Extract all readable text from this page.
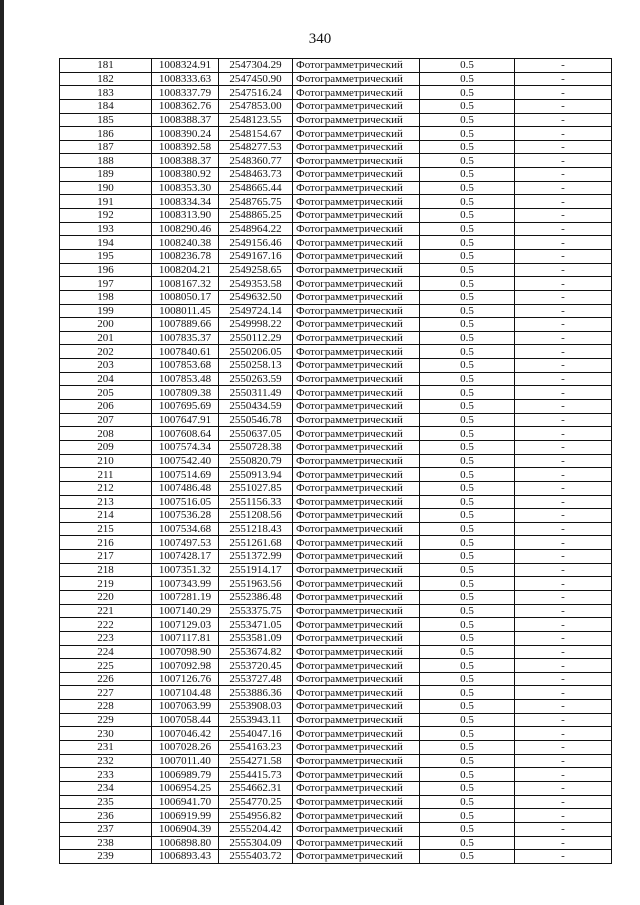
340
181	1008324.91	2547304.29	Фотограмметрический	0.5	-
182	1008333.63	2547450.90	Фотограмметрический	0.5	-
183	1008337.79	2547516.24	Фотограмметрический	0.5	-
184	1008362.76	2547853.00	Фотограмметрический	0.5	-
185	1008388.37	2548123.55	Фотограмметрический	0.5	-
186	1008390.24	2548154.67	Фотограмметрический	0.5	-
187	1008392.58	2548277.53	Фотограмметрический	0.5	-
188	1008388.37	2548360.77	Фотограмметрический	0.5	-
189	1008380.92	2548463.73	Фотограмметрический	0.5	-
190	1008353.30	2548665.44	Фотограмметрический	0.5	-
191	1008334.34	2548765.75	Фотограмметрический	0.5	-
192	1008313.90	2548865.25	Фотограмметрический	0.5	-
193	1008290.46	2548964.22	Фотограмметрический	0.5	-
194	1008240.38	2549156.46	Фотограмметрический	0.5	-
195	1008236.78	2549167.16	Фотограмметрический	0.5	-
196	1008204.21	2549258.65	Фотограмметрический	0.5	-
197	1008167.32	2549353.58	Фотограмметрический	0.5	-
198	1008050.17	2549632.50	Фотограмметрический	0.5	-
199	1008011.45	2549724.14	Фотограмметрический	0.5	-
200	1007889.66	2549998.22	Фотограмметрический	0.5	-
201	1007835.37	2550112.29	Фотограмметрический	0.5	-
202	1007840.61	2550206.05	Фотограмметрический	0.5	-
203	1007853.68	2550258.13	Фотограмметрический	0.5	-
204	1007853.48	2550263.59	Фотограмметрический	0.5	-
205	1007809.38	2550311.49	Фотограмметрический	0.5	-
206	1007695.69	2550434.59	Фотограмметрический	0.5	-
207	1007647.91	2550546.78	Фотограмметрический	0.5	-
208	1007608.64	2550637.05	Фотограмметрический	0.5	-
209	1007574.34	2550728.38	Фотограмметрический	0.5	-
210	1007542.40	2550820.79	Фотограмметрический	0.5	-
211	1007514.69	2550913.94	Фотограмметрический	0.5	-
212	1007486.48	2551027.85	Фотограмметрический	0.5	-
213	1007516.05	2551156.33	Фотограмметрический	0.5	-
214	1007536.28	2551208.56	Фотограмметрический	0.5	-
215	1007534.68	2551218.43	Фотограмметрический	0.5	-
216	1007497.53	2551261.68	Фотограмметрический	0.5	-
217	1007428.17	2551372.99	Фотограмметрический	0.5	-
218	1007351.32	2551914.17	Фотограмметрический	0.5	-
219	1007343.99	2551963.56	Фотограмметрический	0.5	-
220	1007281.19	2552386.48	Фотограмметрический	0.5	-
221	1007140.29	2553375.75	Фотограмметрический	0.5	-
222	1007129.03	2553471.05	Фотограмметрический	0.5	-
223	1007117.81	2553581.09	Фотограмметрический	0.5	-
224	1007098.90	2553674.82	Фотограмметрический	0.5	-
225	1007092.98	2553720.45	Фотограмметрический	0.5	-
226	1007126.76	2553727.48	Фотограмметрический	0.5	-
227	1007104.48	2553886.36	Фотограмметрический	0.5	-
228	1007063.99	2553908.03	Фотограмметрический	0.5	-
229	1007058.44	2553943.11	Фотограмметрический	0.5	-
230	1007046.42	2554047.16	Фотограмметрический	0.5	-
231	1007028.26	2554163.23	Фотограмметрический	0.5	-
232	1007011.40	2554271.58	Фотограмметрический	0.5	-
233	1006989.79	2554415.73	Фотограмметрический	0.5	-
234	1006954.25	2554662.31	Фотограмметрический	0.5	-
235	1006941.70	2554770.25	Фотограмметрический	0.5	-
236	1006919.99	2554956.82	Фотограмметрический	0.5	-
237	1006904.39	2555204.42	Фотограмметрический	0.5	-
238	1006898.80	2555304.09	Фотограмметрический	0.5	-
239	1006893.43	2555403.72	Фотограмметрический	0.5	-
